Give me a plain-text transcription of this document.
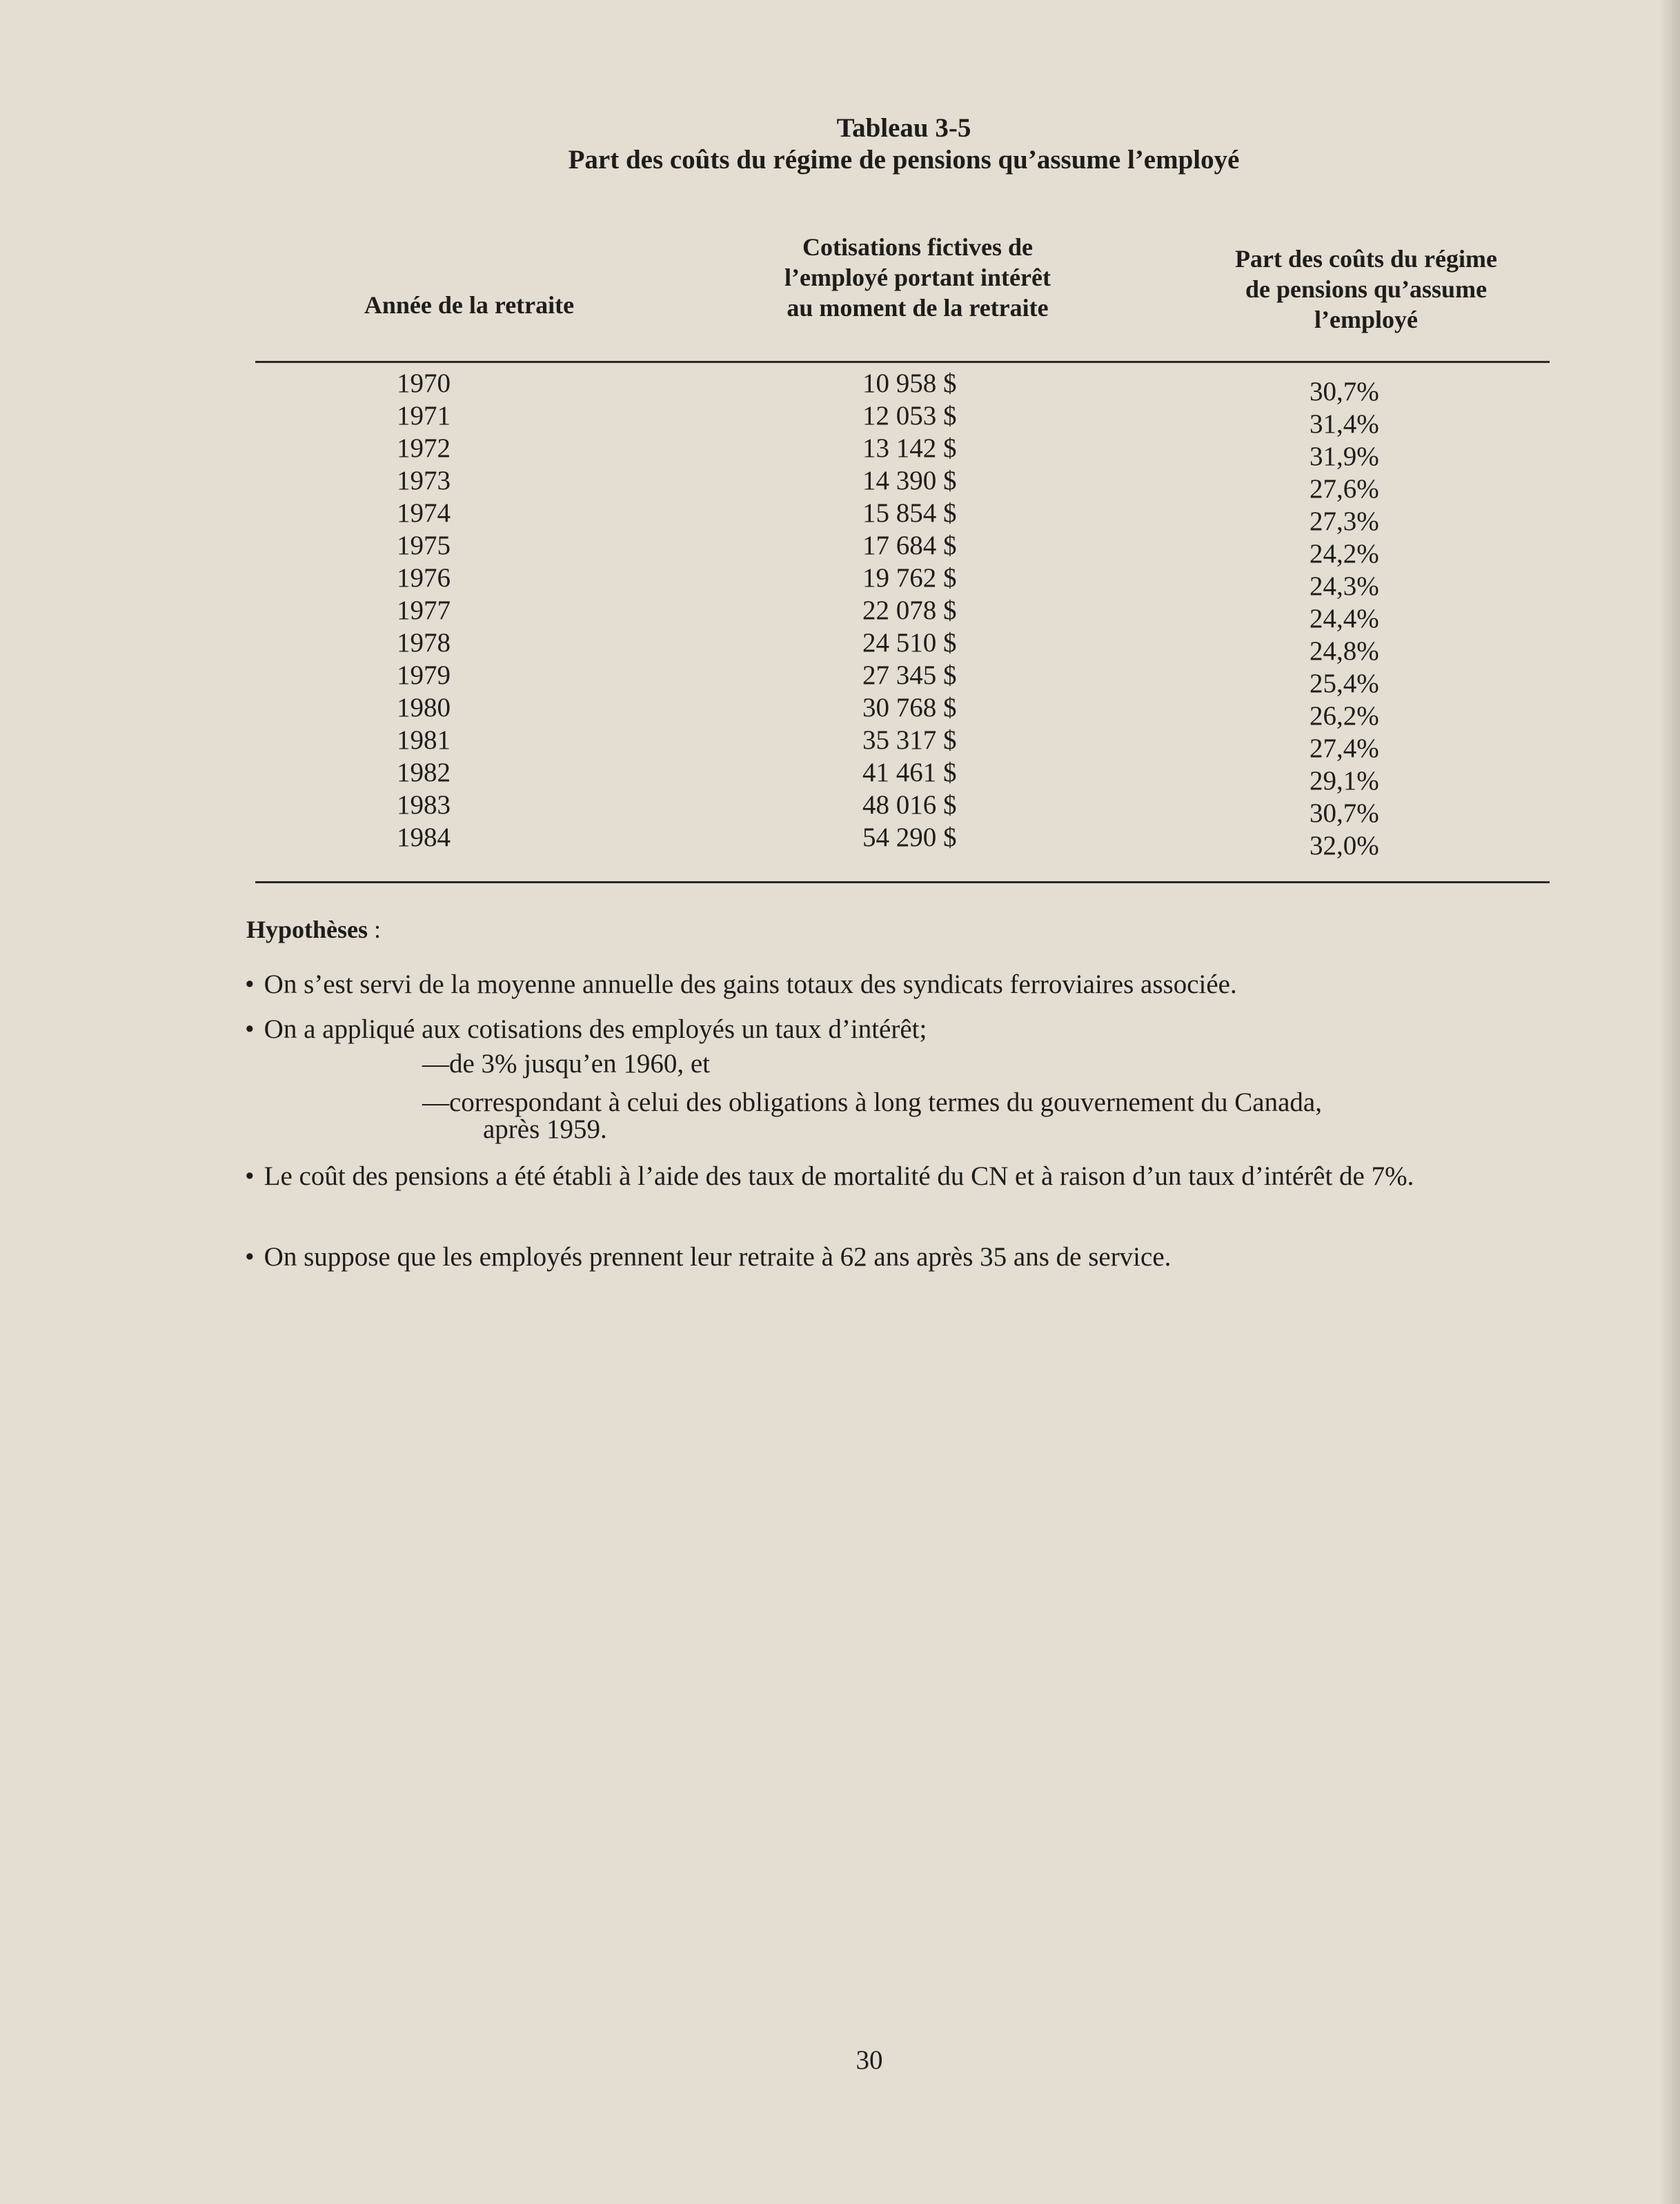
Tableau 3-5
Part des coûts du régime de pensions qu’assume l’employé
Année de la retraite
Cotisations fictives de
l’employé portant intérêt
au moment de la retraite
Part des coûts du régime
de pensions qu’assume
l’employé
1970	10 958 $	30,7%
1971	12 053 $	31,4%
1972	13 142 $	31,9%
1973	14 390 $	27,6%
1974	15 854 $	27,3%
1975	17 684 $	24,2%
1976	19 762 $	24,3%
1977	22 078 $	24,4%
1978	24 510 $	24,8%
1979	27 345 $	25,4%
1980	30 768 $	26,2%
1981	35 317 $	27,4%
1982	41 461 $	29,1%
1983	48 016 $	30,7%
1984	54 290 $	32,0%
Hypothèses :
• On s’est servi de la moyenne annuelle des gains totaux des syndicats ferroviaires associée.
• On a appliqué aux cotisations des employés un taux d’intérêt;
—de 3% jusqu’en 1960, et
—correspondant à celui des obligations à long termes du gouvernement du Canada,
après 1959.
• Le coût des pensions a été établi à l’aide des taux de mortalité du CN et à raison d’un taux d’intérêt de 7%.
• On suppose que les employés prennent leur retraite à 62 ans après 35 ans de service.
30
